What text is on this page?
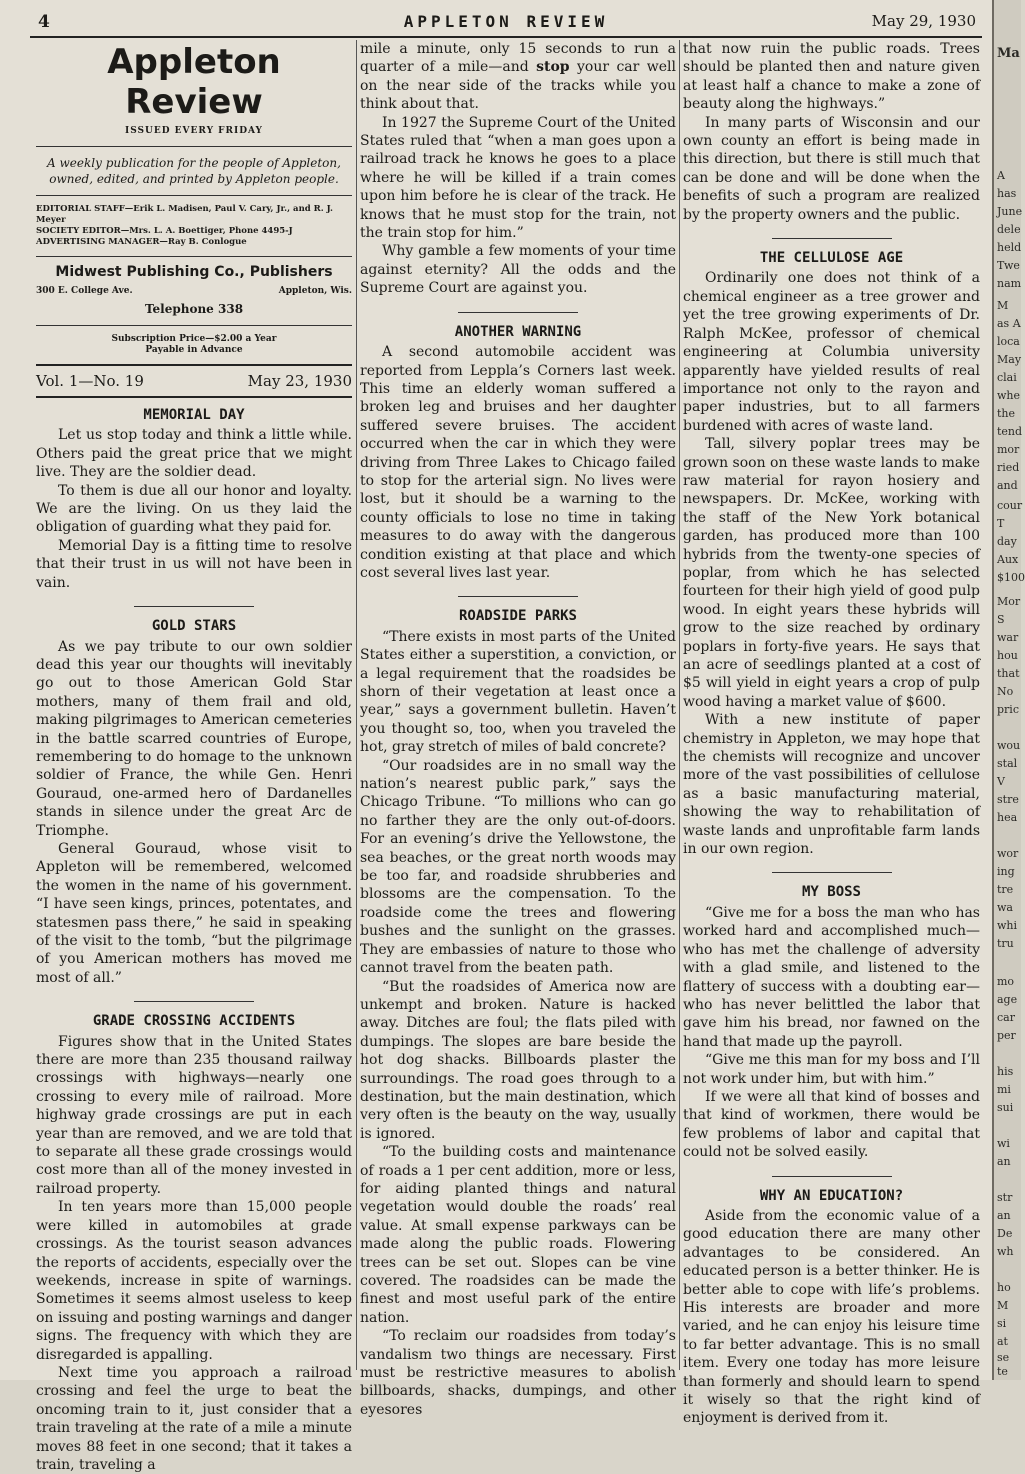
4	APPLETON REVIEW	May 29, 1930
Appleton Review
ISSUED EVERY FRIDAY
A weekly publication for the people of Appleton, owned, edited, and printed by Appleton people.
EDITORIAL STAFF—Erik L. Madisen, Paul V. Cary, Jr., and R. J. Meyer
SOCIETY EDITOR—Mrs. L. A. Boettiger, Phone 4495-J
ADVERTISING MANAGER—Ray B. Conlogue
Midwest Publishing Co., Publishers
300 E. College Ave.	Appleton, Wis.
Telephone 338
Subscription Price—$2.00 a Year
Payable in Advance
Vol. 1—No. 19	May 23, 1930
MEMORIAL DAY

Let us stop today and think a little while. Others paid the great price that we might live. They are the soldier dead.

To them is due all our honor and loyalty. We are the living. On us they laid the obligation of guarding what they paid for.

Memorial Day is a fitting time to resolve that their trust in us will not have been in vain.

GOLD STARS

As we pay tribute to our own soldier dead this year our thoughts will inevitably go out to those American Gold Star mothers, many of them frail and old, making pilgrimages to American cemeteries in the battle scarred countries of Europe, remembering to do homage to the unknown soldier of France, the while Gen. Henri Gouraud, one-armed hero of Dardanelles stands in silence under the great Arc de Triomphe.

General Gouraud, whose visit to Appleton will be remembered, welcomed the women in the name of his government. “I have seen kings, princes, potentates, and statesmen pass there,” he said in speaking of the visit to the tomb, “but the pilgrimage of you American mothers has moved me most of all.”

GRADE CROSSING ACCIDENTS

Figures show that in the United States there are more than 235 thousand railway crossings with highways—nearly one crossing to every mile of railroad. More highway grade crossings are put in each year than are removed, and we are told that to separate all these grade crossings would cost more than all of the money invested in railroad property.

In ten years more than 15,000 people were killed in automobiles at grade crossings. As the tourist season advances the reports of accidents, especially over the weekends, increase in spite of warnings. Sometimes it seems almost useless to keep on issuing and posting warnings and danger signs. The frequency with which they are disregarded is appalling.

Next time you approach a railroad crossing and feel the urge to beat the oncoming train to it, just consider that a train traveling at the rate of a mile a minute moves 88 feet in one second; that it takes a train, traveling a

mile a minute, only 15 seconds to run a quarter of a mile—and stop your car well on the near side of the tracks while you think about that.

In 1927 the Supreme Court of the United States ruled that “when a man goes upon a railroad track he knows he goes to a place where he will be killed if a train comes upon him before he is clear of the track. He knows that he must stop for the train, not the train stop for him.”

Why gamble a few moments of your time against eternity? All the odds and the Supreme Court are against you.

ANOTHER WARNING

A second automobile accident was reported from Leppla’s Corners last week. This time an elderly woman suffered a broken leg and bruises and her daughter suffered severe bruises. The accident occurred when the car in which they were driving from Three Lakes to Chicago failed to stop for the arterial sign. No lives were lost, but it should be a warning to the county officials to lose no time in taking measures to do away with the dangerous condition existing at that place and which cost several lives last year.

ROADSIDE PARKS

“There exists in most parts of the United States either a superstition, a conviction, or a legal requirement that the roadsides be shorn of their vegetation at least once a year,” says a government bulletin. Haven’t you thought so, too, when you traveled the hot, gray stretch of miles of bald concrete?

“Our roadsides are in no small way the nation’s nearest public park,” says the Chicago Tribune. “To millions who can go no farther they are the only out-of-doors. For an evening’s drive the Yellowstone, the sea beaches, or the great north woods may be too far, and roadside shrubberies and blossoms are the compensation. To the roadside come the trees and flowering bushes and the sunlight on the grasses. They are embassies of nature to those who cannot travel from the beaten path.

“But the roadsides of America now are unkempt and broken. Nature is hacked away. Ditches are foul; the flats piled with dumpings. The slopes are bare beside the hot dog shacks. Billboards plaster the surroundings. The road goes through to a destination, but the main destination, which very often is the beauty on the way, usually is ignored.

“To the building costs and maintenance of roads a 1 per cent addition, more or less, for aiding planted things and natural vegetation would double the roads’ real value. At small expense parkways can be made along the public roads. Flowering trees can be set out. Slopes can be vine covered. The roadsides can be made the finest and most useful park of the entire nation.

“To reclaim our roadsides from today’s vandalism two things are necessary. First must be restrictive measures to abolish billboards, shacks, dumpings, and other eyesores

that now ruin the public roads. Trees should be planted then and nature given at least half a chance to make a zone of beauty along the highways.”

In many parts of Wisconsin and our own county an effort is being made in this direction, but there is still much that can be done and will be done when the benefits of such a program are realized by the property owners and the public.

THE CELLULOSE AGE

Ordinarily one does not think of a chemical engineer as a tree grower and yet the tree growing experiments of Dr. Ralph McKee, professor of chemical engineering at Columbia university apparently have yielded results of real importance not only to the rayon and paper industries, but to all farmers burdened with acres of waste land.

Tall, silvery poplar trees may be grown soon on these waste lands to make raw material for rayon hosiery and newspapers. Dr. McKee, working with the staff of the New York botanical garden, has produced more than 100 hybrids from the twenty-one species of poplar, from which he has selected fourteen for their high yield of good pulp wood. In eight years these hybrids will grow to the size reached by ordinary poplars in forty-five years. He says that an acre of seedlings planted at a cost of $5 will yield in eight years a crop of pulp wood having a market value of $600.

With a new institute of paper chemistry in Appleton, we may hope that the chemists will recognize and uncover more of the vast possibilities of cellulose as a basic manufacturing material, showing the way to rehabilitation of waste lands and unprofitable farm lands in our own region.

MY BOSS

“Give me for a boss the man who has worked hard and accomplished much—who has met the challenge of adversity with a glad smile, and listened to the flattery of success with a doubting ear—who has never belittled the labor that gave him his bread, nor fawned on the hand that made up the payroll.

“Give me this man for my boss and I’ll not work under him, but with him.”

If we were all that kind of bosses and that kind of workmen, there would be few problems of labor and capital that could not be solved easily.

WHY AN EDUCATION?

Aside from the economic value of a good education there are many other advantages to be considered. An educated person is a better thinker. He is better able to cope with life’s problems. His interests are broader and more varied, and he can enjoy his leisure time to far better advantage. This is no small item. Every one today has more leisure than formerly and should learn to spend it wisely so that the right kind of enjoyment is derived from it.

Ma
A
has
June
dele
held
Twe
nam
M
as A
loca
May
clai
whe
the
tend
mor
ried
and
cour
T
day
Aux
$100
Mor
S
war
hou
that
No
pric
wou
stal
V
stre
hea
wor
ing
tre
wa
whi
tru
mo
age
car
per
his
mi
sui
wi
an
str
an
De
wh
ho
M
si
at
se
te
